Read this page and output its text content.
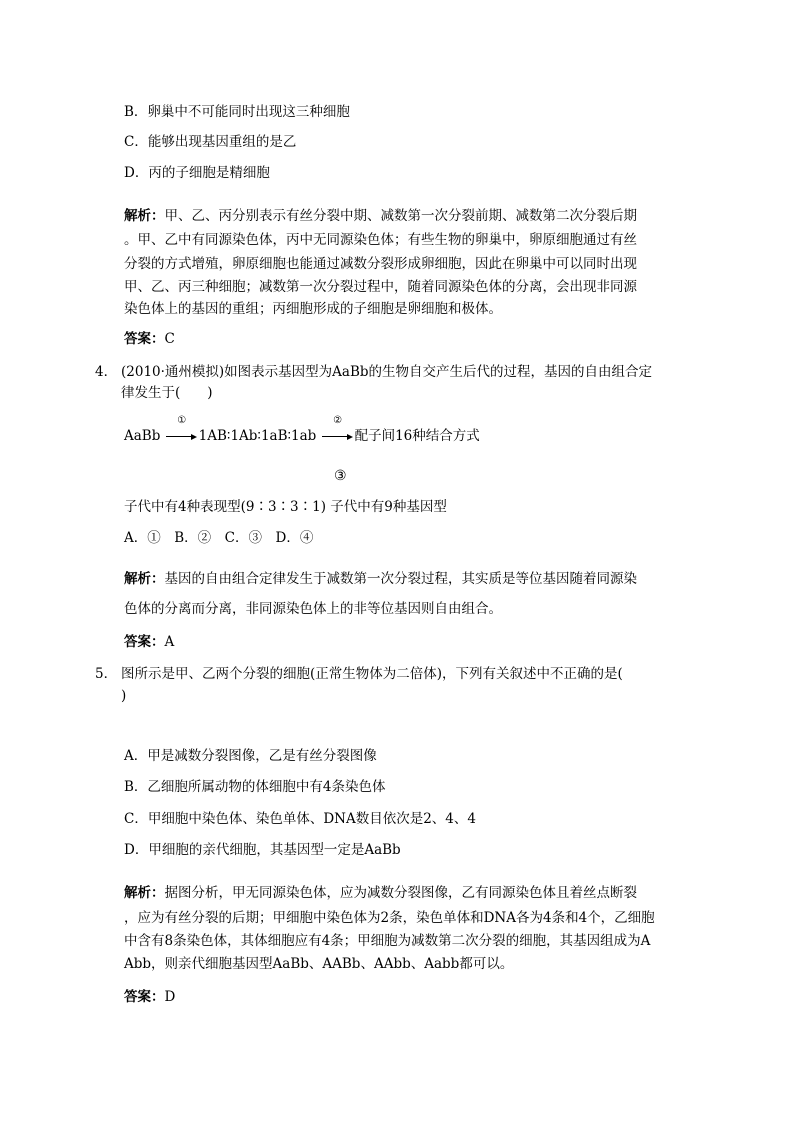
B．卵巢中不可能同时出现这三种细胞
C．能够出现基因重组的是乙
D．丙的子细胞是精细胞
解析：甲、乙、丙分别表示有丝分裂中期、减数第一次分裂前期、减数第二次分裂后期
。甲、乙中有同源染色体，丙中无同源染色体；有些生物的卵巢中，卵原细胞通过有丝
分裂的方式增殖，卵原细胞也能通过减数分裂形成卵细胞，因此在卵巢中可以同时出现
甲、乙、丙三种细胞；减数第一次分裂过程中，随着同源染色体的分离，会出现非同源
染色体上的基因的重组；丙细胞形成的子细胞是卵细胞和极体。
答案：C
4． (2010·通州模拟)如图表示基因型为AaBb的生物自交产生后代的过程，基因的自由组合定
律发生于(　　)
AaBb
①
1AB∶1Ab∶1aB∶1ab
②
配子间16种结合方式
③
子代中有4种表现型(9∶3∶3∶1) 子代中有9种基因型
A．①　B．②　C．③　D．④
解析：基因的自由组合定律发生于减数第一次分裂过程，其实质是等位基因随着同源染
色体的分离而分离，非同源染色体上的非等位基因则自由组合。
答案：A
5． 图所示是甲、乙两个分裂的细胞(正常生物体为二倍体)，下列有关叙述中不正确的是(
)
A．甲是减数分裂图像，乙是有丝分裂图像
B．乙细胞所属动物的体细胞中有4条染色体
C．甲细胞中染色体、染色单体、DNA数目依次是2、4、4
D．甲细胞的亲代细胞，其基因型一定是AaBb
解析：据图分析，甲无同源染色体，应为减数分裂图像，乙有同源染色体且着丝点断裂
，应为有丝分裂的后期；甲细胞中染色体为2条，染色单体和DNA各为4条和4个，乙细胞
中含有8条染色体，其体细胞应有4条；甲细胞为减数第二次分裂的细胞，其基因组成为A
Abb，则亲代细胞基因型AaBb、AABb、AAbb、Aabb都可以。
答案：D
